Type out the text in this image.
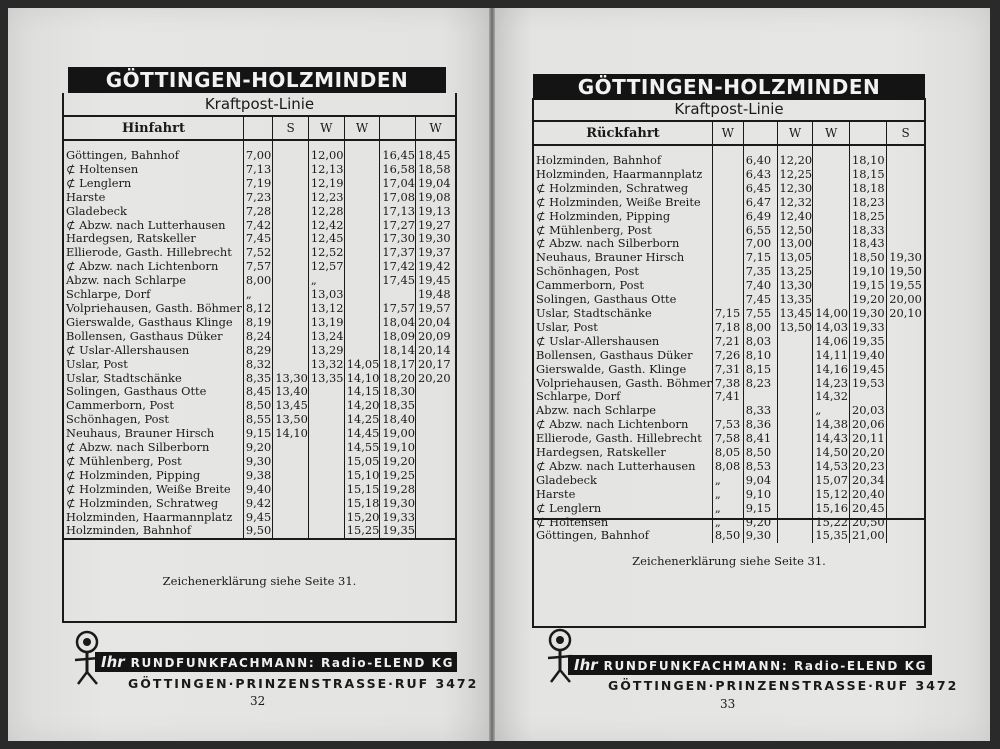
GÖTTINGEN-HOLZMINDEN
Kraftpost-Linie
Hinfahrt		S	W	W		W
Göttingen, Bahnhof	7,00		12,00		16,45	18,45
⊄ Holtensen	7,13		12,13		16,58	18,58
⊄ Lenglern	7,19		12,19		17,04	19,04
Harste	7,23		12,23		17,08	19,08
Gladebeck	7,28		12,28		17,13	19,13
⊄ Abzw. nach Lutterhausen	7,42		12,42		17,27	19,27
Hardegsen, Ratskeller	7,45		12,45		17,30	19,30
Ellierode, Gasth. Hillebrecht	7,52		12,52		17,37	19,37
⊄ Abzw. nach Lichtenborn	7,57		12,57		17,42	19,42
Abzw. nach Schlarpe	8,00		„		17,45	19,45
Schlarpe, Dorf	„		13,03			19,48
Volpriehausen, Gasth. Böhmer	8,12		13,12		17,57	19,57
Gierswalde, Gasthaus Klinge	8,19		13,19		18,04	20,04
Bollensen, Gasthaus Düker	8,24		13,24		18,09	20,09
⊄ Uslar-Allershausen	8,29		13,29		18,14	20,14
Uslar, Post	8,32		13,32	14,05	18,17	20,17
Uslar, Stadtschänke	8,35	13,30	13,35	14,10	18,20	20,20
Solingen, Gasthaus Otte	8,45	13,40		14,15	18,30	
Cammerborn, Post	8,50	13,45		14,20	18,35	
Schönhagen, Post	8,55	13,50		14,25	18,40	
Neuhaus, Brauner Hirsch	9,15	14,10		14,45	19,00	
⊄ Abzw. nach Silberborn	9,20			14,55	19,10	
⊄ Mühlenberg, Post	9,30			15,05	19,20	
⊄ Holzminden, Pipping	9,38			15,10	19,25	
⊄ Holzminden, Weiße Breite	9,40			15,15	19,28	
⊄ Holzminden, Schratweg	9,42			15,18	19,30	
Holzminden, Haarmannplatz	9,45			15,20	19,33	
Holzminden, Bahnhof	9,50			15,25	19,35	
Zeichenerklärung siehe Seite 31.
Ihr RUNDFUNKFACHMANN: Radio-ELEND KG
GÖTTINGEN·PRINZENSTRASSE·RUF 3472
32
GÖTTINGEN-HOLZMINDEN
Kraftpost-Linie
Rückfahrt	W		W	W		S
Holzminden, Bahnhof		6,40	12,20		18,10	
Holzminden, Haarmannplatz		6,43	12,25		18,15	
⊄ Holzminden, Schratweg		6,45	12,30		18,18	
⊄ Holzminden, Weiße Breite		6,47	12,32		18,23	
⊄ Holzminden, Pipping		6,49	12,40		18,25	
⊄ Mühlenberg, Post		6,55	12,50		18,33	
⊄ Abzw. nach Silberborn		7,00	13,00		18,43	
Neuhaus, Brauner Hirsch		7,15	13,05		18,50	19,30
Schönhagen, Post		7,35	13,25		19,10	19,50
Cammerborn, Post		7,40	13,30		19,15	19,55
Solingen, Gasthaus Otte		7,45	13,35		19,20	20,00
Uslar, Stadtschänke	7,15	7,55	13,45	14,00	19,30	20,10
Uslar, Post	7,18	8,00	13,50	14,03	19,33	
⊄ Uslar-Allershausen	7,21	8,03		14,06	19,35	
Bollensen, Gasthaus Düker	7,26	8,10		14,11	19,40	
Gierswalde, Gasth. Klinge	7,31	8,15		14,16	19,45	
Volpriehausen, Gasth. Böhmer	7,38	8,23		14,23	19,53	
Schlarpe, Dorf	7,41			14,32		
Abzw. nach Schlarpe		8,33		„	20,03	
⊄ Abzw. nach Lichtenborn	7,53	8,36		14,38	20,06	
Ellierode, Gasth. Hillebrecht	7,58	8,41		14,43	20,11	
Hardegsen, Ratskeller	8,05	8,50		14,50	20,20	
⊄ Abzw. nach Lutterhausen	8,08	8,53		14,53	20,23	
Gladebeck	„	9,04		15,07	20,34	
Harste	„	9,10		15,12	20,40	
⊄ Lenglern	„	9,15		15,16	20,45	
⊄ Holtensen	„	9,20		15,22	20,50	
Göttingen, Bahnhof	8,50	9,30		15,35	21,00	
Zeichenerklärung siehe Seite 31.
Ihr RUNDFUNKFACHMANN: Radio-ELEND KG
GÖTTINGEN·PRINZENSTRASSE·RUF 3472
33
